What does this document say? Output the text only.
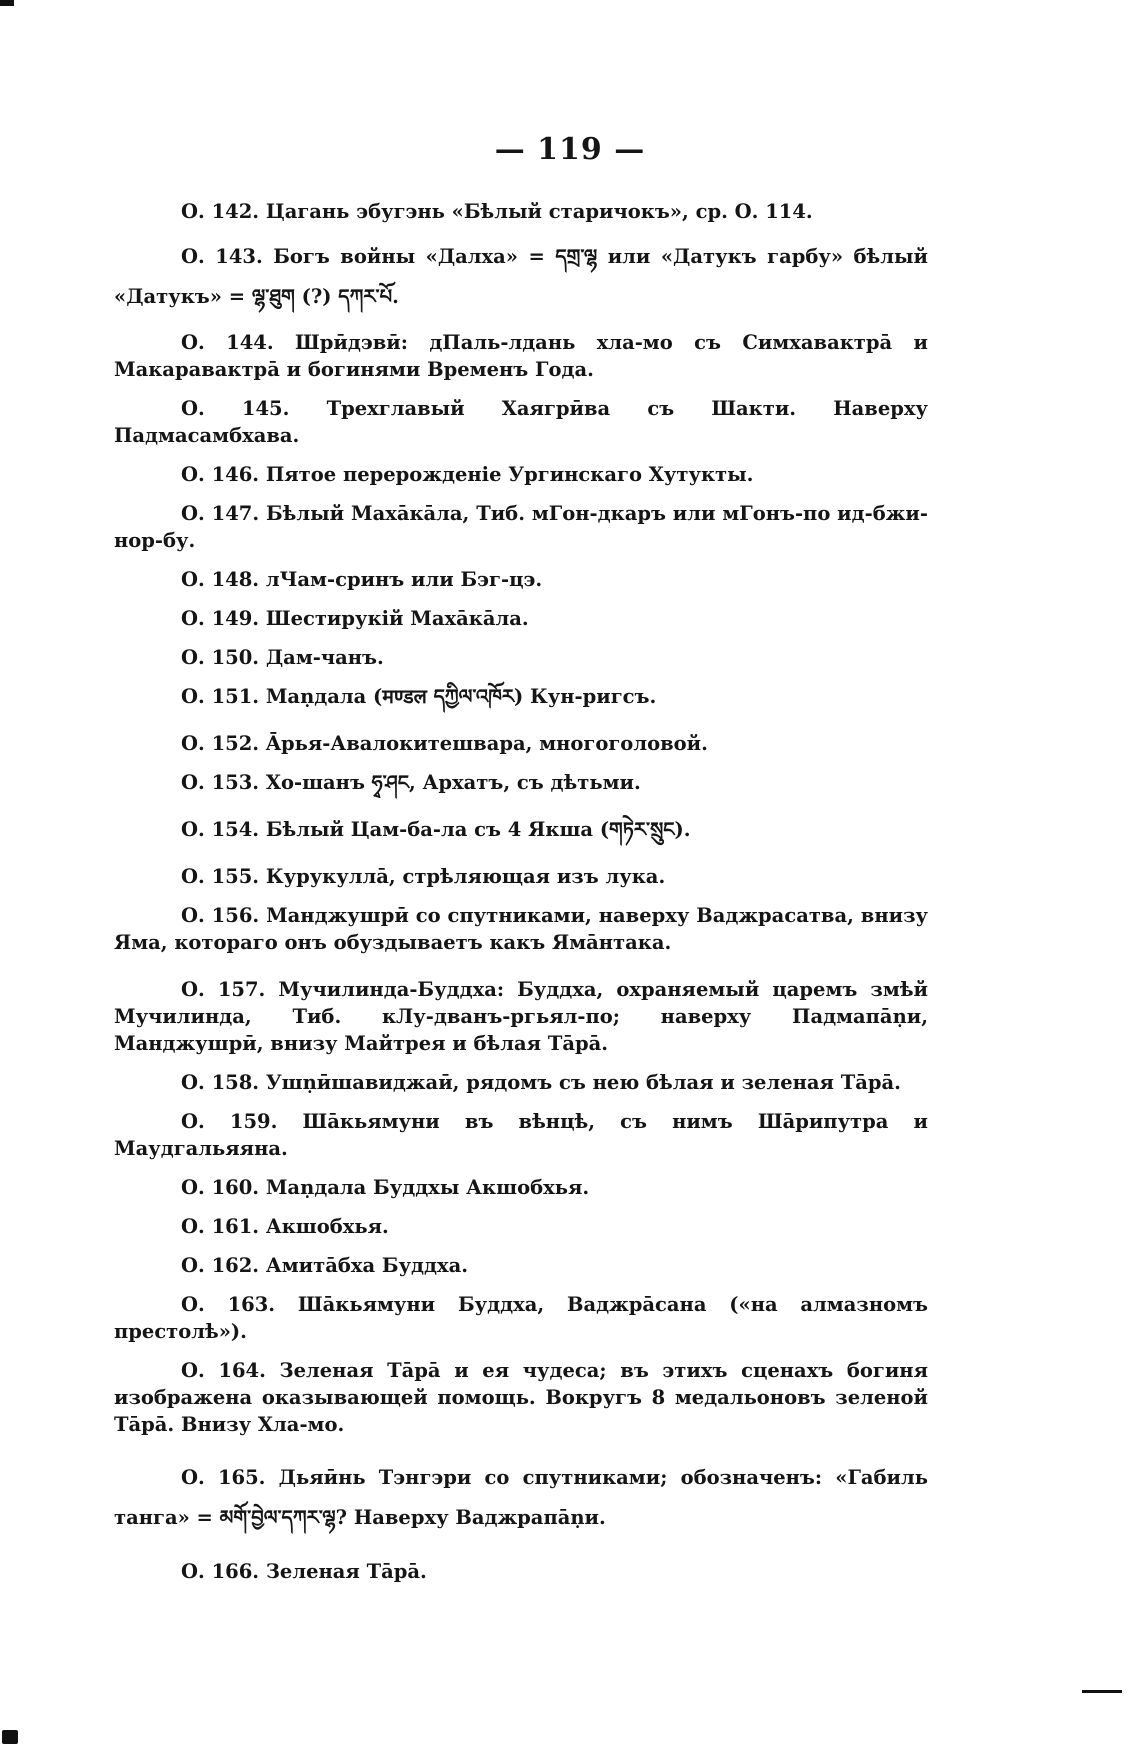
— 119 —

О. 142. Цагань эбугэнь «Бѣлый старичокъ», ср. О. 114.

О. 143. Богъ войны «Далха» = དགྲ་ལྷ или «Датукъ гарбу» бѣлый «Датукъ» = ལྷ་ཐུག (?) དཀར་པོ.

О. 144. Шрӣдэвӣ: дПаль-лдань хла-мо съ Симхавактрā и Макаравактрā и богинями Временъ Года.

О. 145. Трехглавый Хаягрӣва съ Шакти. Наверху Падмасамбхава.

О. 146. Пятое перерожденіе Ургинскаго Хутукты.

О. 147. Бѣлый Махāкāла, Тиб. мГон-дкаръ или мГонъ-по ид-бжи-нор-бу.

О. 148. лЧам-сринъ или Бэг-цэ.

О. 149. Шестирукій Махāкāла.

О. 150. Дам-чанъ.

О. 151. Маṇдала (मण्डल དཀྱིལ་འཁོར) Кун-ригсъ.

О. 152. Āрья-Авалокитешвара, многоголовой.

О. 153. Хо-шанъ ཧྭ་ཤང, Архатъ, съ дѣтьми.

О. 154. Бѣлый Цам-ба-ла съ 4 Якша (གཏེར་སྲུང).

О. 155. Курукуллā, стрѣляющая изъ лука.

О. 156. Манджушрӣ со спутниками, наверху Ваджрасатва, внизу Яма, котораго онъ обуздываетъ какъ Ямāнтака.

О. 157. Мучилинда-Буддха: Буддха, охраняемый царемъ змѣй Мучилинда, Тиб. кЛу-дванъ-ргьял-по; наверху Падмапāṇи, Манджушрӣ, внизу Майтрея и бѣлая Тāрā.

О. 158. Ушṇӣшавиджаӣ, рядомъ съ нею бѣлая и зеленая Тāрā.

О. 159. Шāкьямуни въ вѣнцѣ, съ нимъ Шāрипутра и Маудгальяяна.

О. 160. Маṇдала Буддхы Акшобхья.

О. 161. Акшобхья.

О. 162. Амитāбха Буддха.

О. 163. Шāкьямуни Буддха, Ваджрāсана («на алмазномъ престолѣ»).

О. 164. Зеленая Тāрā и ея чудеса; въ этихъ сценахъ богиня изображена оказывающей помощь. Вокругъ 8 медальоновъ зеленой Тāрā. Внизу Хла-мо.

О. 165. Дьяӣнь Тэнгэри со спутниками; обозначенъ: «Габиль танга» = མགོ་བྱེལ་དཀར་ལྷ? Наверху Ваджрапāṇи.

О. 166. Зеленая Тāрā.
